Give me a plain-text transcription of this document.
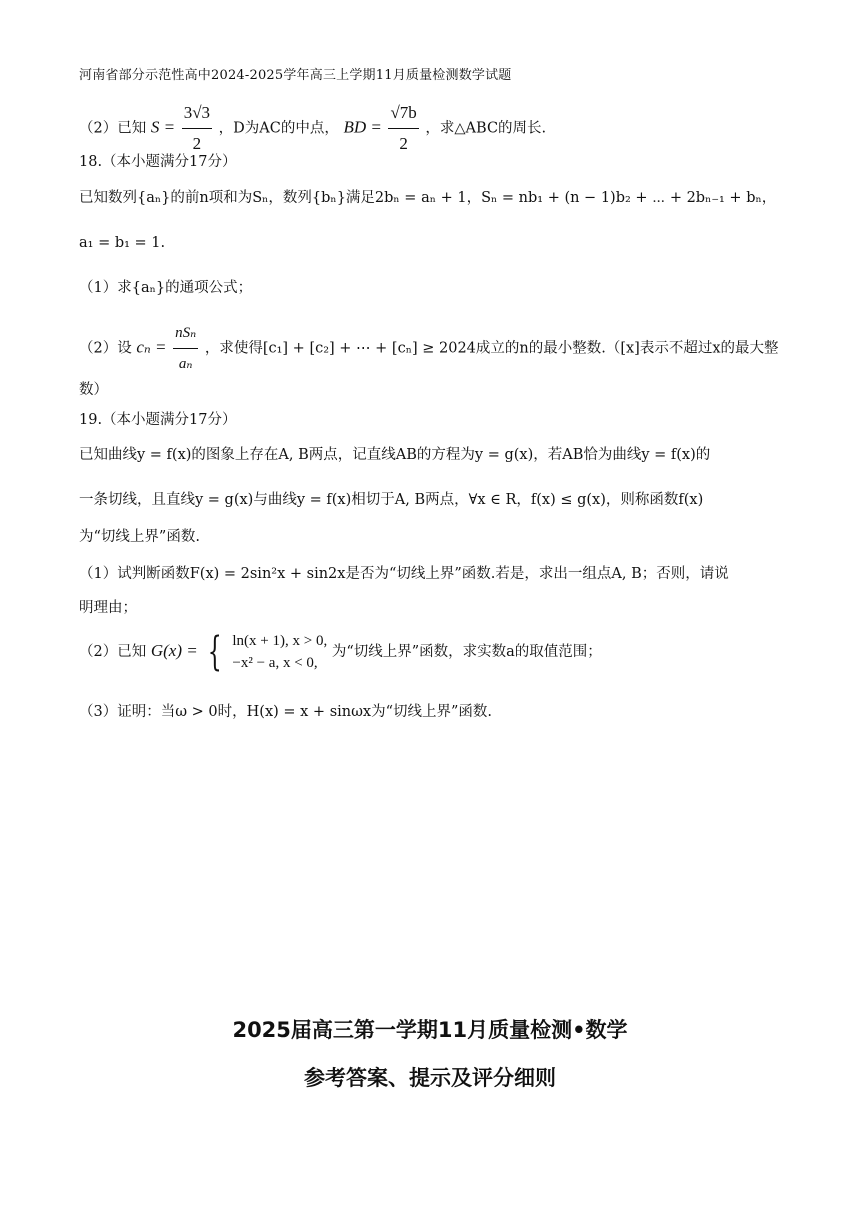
河南省部分示范性高中2024-2025学年高三上学期11月质量检测数学试题
（2）已知 $S = \frac{3√3}{2}$ ，D为AC的中点， BD = $\frac{√7b}{2}$ ，求△ABC的周长.
18.（本小题满分17分）
已知数列{aₙ}的前n项和为Sₙ，数列{bₙ}满足2bₙ = aₙ + 1，Sₙ = nb₁ + (n − 1)b₂ + ⋯ + 2bₙ₋₁ + bₙ，
a₁ = b₁ = 1.
（1）求{aₙ}的通项公式；
（2）设 $c_n = \frac{\text{nSₙ}}{\text{aₙ}}$ ，求使得[c₁] + [c₂] + ⋯ + [cₙ] ≥ 2024成立的n的最小整数.（[x]表示不超过x的最大整
数）
19.（本小题满分17分）
已知曲线y = f(x)的图象上存在A, B两点，记直线AB的方程为y = g(x)，若AB恰为曲线y = f(x)的
一条切线，且直线y = g(x)与曲线y = f(x)相切于A, B两点，∀x ∈ R，f(x) ≤ g(x)，则称函数f(x)
为“切线上界”函数.
（1）试判断函数F(x) = 2sin²x + sin2x是否为“切线上界”函数.若是，求出一组点A, B；否则，请说
明理由；
（2）已知 G(x) = { ln(x + 1), x > 0,
−x² − a, x < 0,
为“切线上界”函数，求实数a的取值范围；
（3）证明：当ω > 0时，H(x) = x + sinωx为“切线上界”函数.
2025届高三第一学期11月质量检测•数学
参考答案、提示及评分细则
